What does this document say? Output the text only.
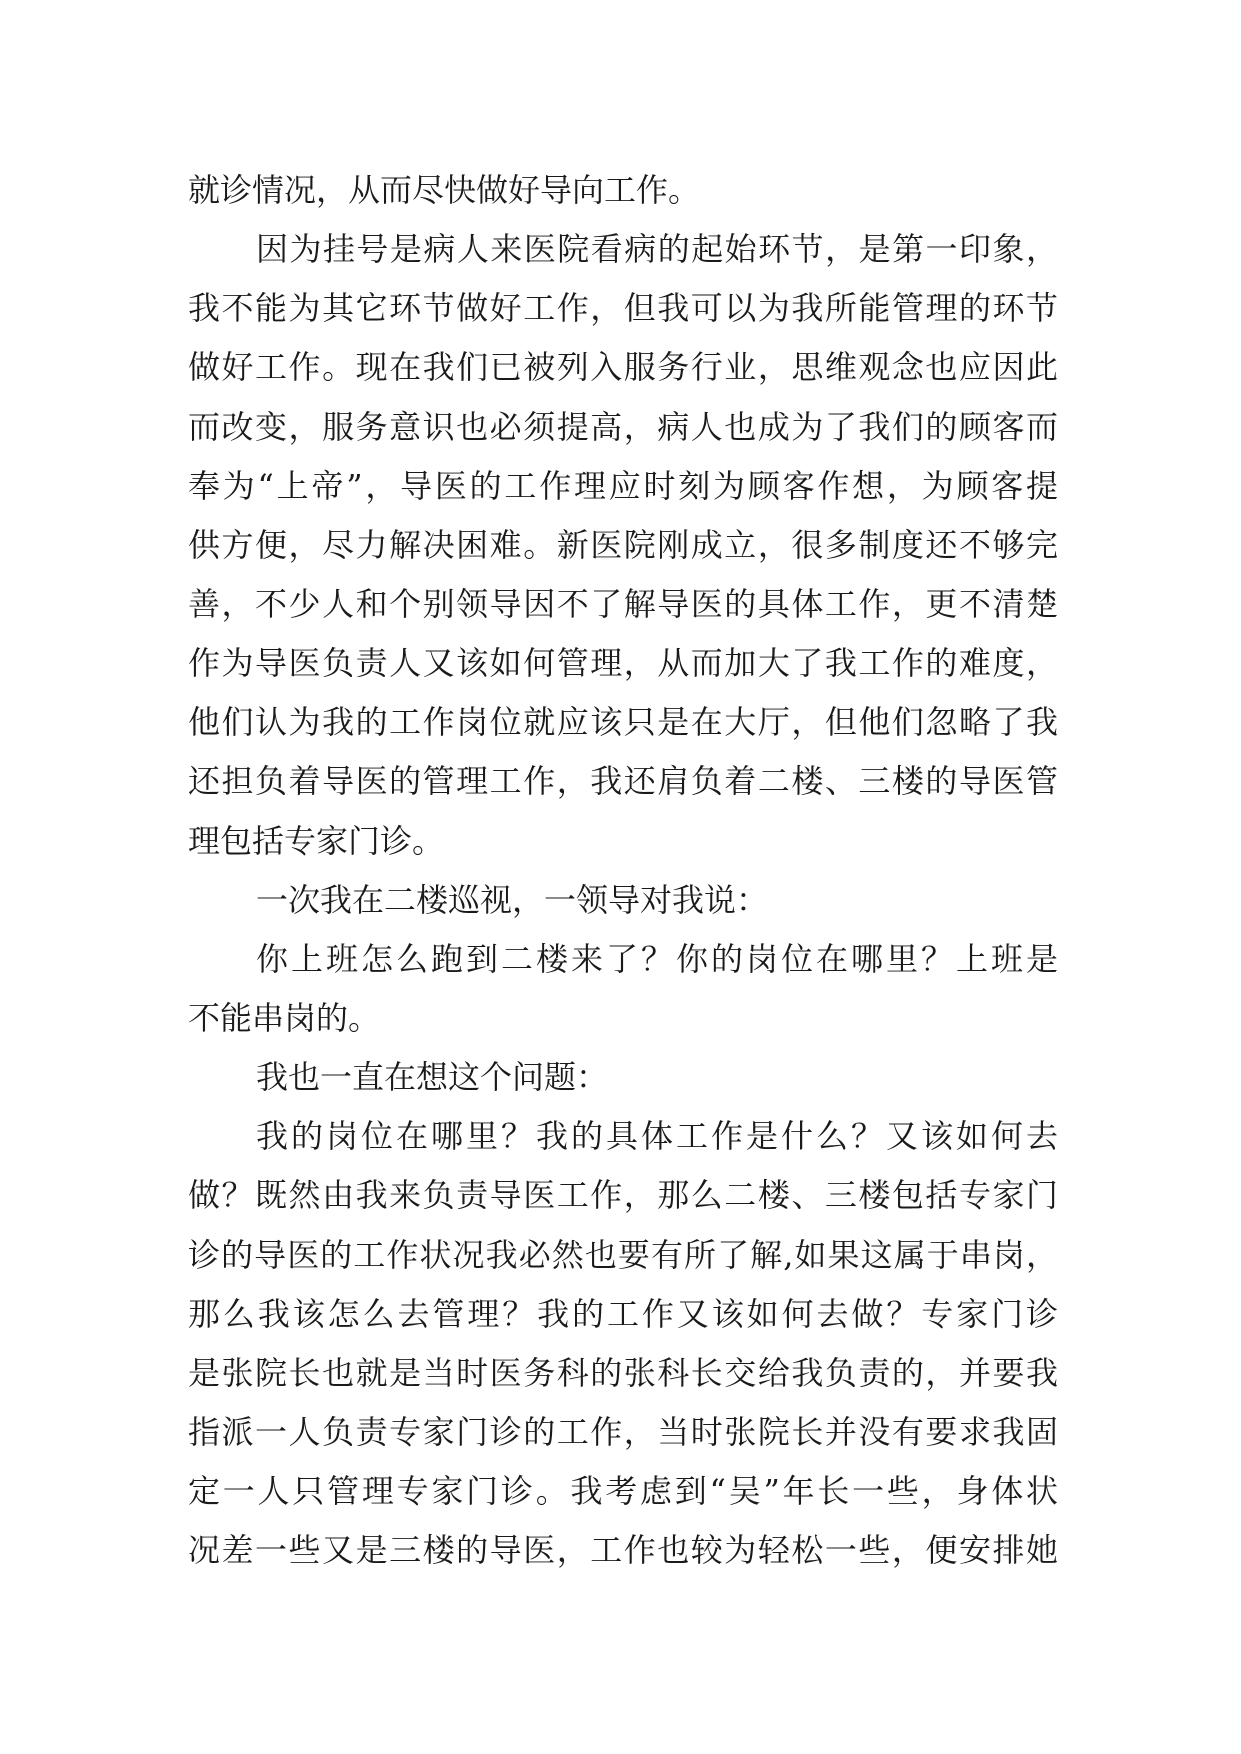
就诊情况，从而尽快做好导向工作。
因为挂号是病人来医院看病的起始环节，是第一印象，
我不能为其它环节做好工作，但我可以为我所能管理的环节
做好工作。现在我们已被列入服务行业，思维观念也应因此
而改变，服务意识也必须提高，病人也成为了我们的顾客而
奉为“上帝”，导医的工作理应时刻为顾客作想，为顾客提
供方便，尽力解决困难。新医院刚成立，很多制度还不够完
善，不少人和个别领导因不了解导医的具体工作，更不清楚
作为导医负责人又该如何管理，从而加大了我工作的难度，
他们认为我的工作岗位就应该只是在大厅，但他们忽略了我
还担负着导医的管理工作，我还肩负着二楼、三楼的导医管
理包括专家门诊。
一次我在二楼巡视，一领导对我说：
你上班怎么跑到二楼来了？你的岗位在哪里？上班是
不能串岗的。
我也一直在想这个问题：
我的岗位在哪里？我的具体工作是什么？又该如何去
做？既然由我来负责导医工作，那么二楼、三楼包括专家门
诊的导医的工作状况我必然也要有所了解,如果这属于串岗，
那么我该怎么去管理？我的工作又该如何去做？专家门诊
是张院长也就是当时医务科的张科长交给我负责的，并要我
指派一人负责专家门诊的工作，当时张院长并没有要求我固
定一人只管理专家门诊。我考虑到“吴”年长一些，身体状
况差一些又是三楼的导医，工作也较为轻松一些，便安排她
